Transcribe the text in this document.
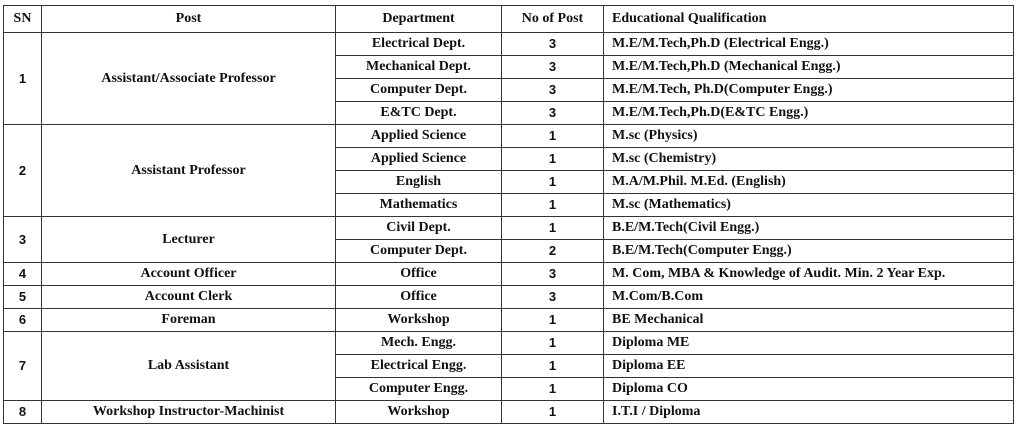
SN	Post	Department	No of Post	Educational Qualification
1	Assistant/Associate Professor	Electrical Dept.	3	M.E/M.Tech,Ph.D (Electrical Engg.)
		Mechanical Dept.	3	M.E/M.Tech,Ph.D (Mechanical Engg.)
		Computer Dept.	3	M.E/M.Tech, Ph.D(Computer Engg.)
		E&TC Dept.	3	M.E/M.Tech,Ph.D(E&TC Engg.)
2	Assistant Professor	Applied Science	1	M.sc (Physics)
		Applied Science	1	M.sc (Chemistry)
		English	1	M.A/M.Phil. M.Ed. (English)
		Mathematics	1	M.sc (Mathematics)
3	Lecturer	Civil Dept.	1	B.E/M.Tech(Civil Engg.)
		Computer Dept.	2	B.E/M.Tech(Computer Engg.)
4	Account Officer	Office	3	M. Com, MBA & Knowledge of Audit. Min. 2 Year Exp.
5	Account Clerk	Office	3	M.Com/B.Com
6	Foreman	Workshop	1	BE Mechanical
7	Lab Assistant	Mech. Engg.	1	Diploma ME
		Electrical Engg.	1	Diploma EE
		Computer Engg.	1	Diploma CO
8	Workshop Instructor-Machinist	Workshop	1	I.T.I / Diploma
